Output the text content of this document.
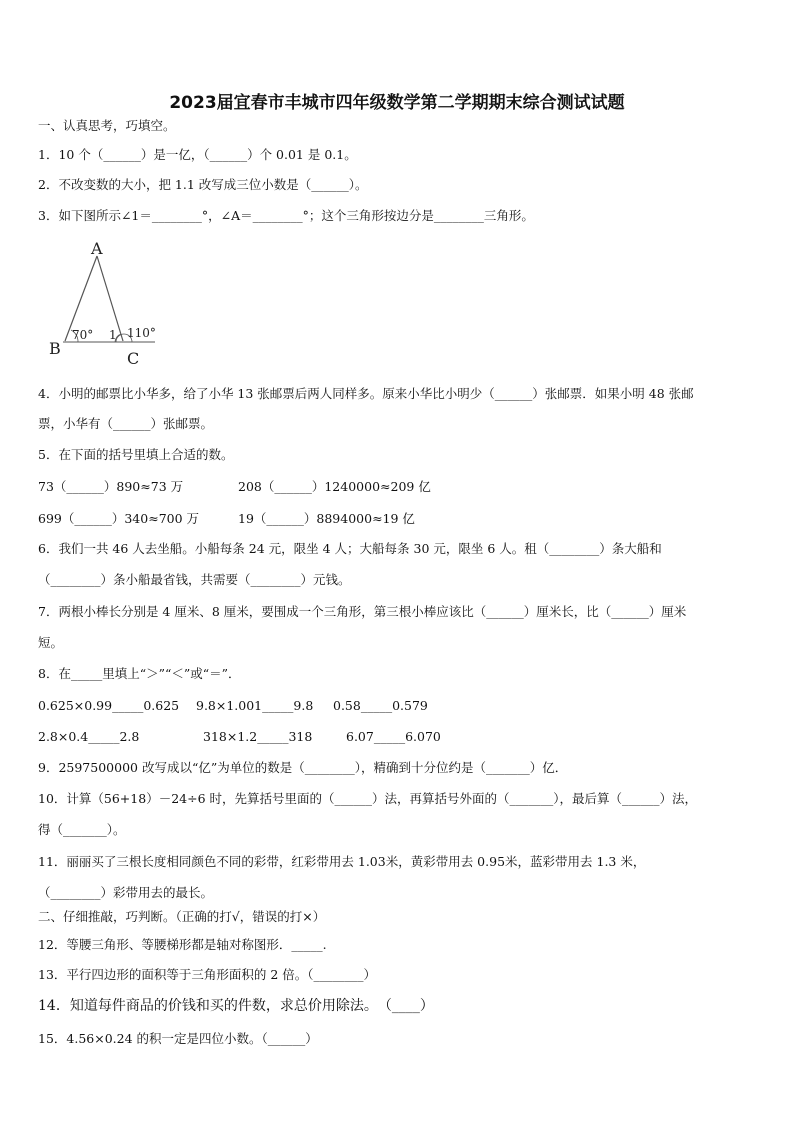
2023届宜春市丰城市四年级数学第二学期期末综合测试试题
一、认真思考，巧填空。
1．10 个（______）是一亿，（______）个 0.01 是 0.1。
2．不改变数的大小，把 1.1 改写成三位小数是（______）。
3．如下图所示∠1＝________°，∠A＝________°；这个三角形按边分是________三角形。
A
B
C
70° 1 110°
4．小明的邮票比小华多，给了小华 13 张邮票后两人同样多。原来小华比小明少（______）张邮票．如果小明 48 张邮
票，小华有（______）张邮票。
5．在下面的括号里填上合适的数。
73（______）890≈73 万	208（______）1240000≈209 亿
699（______）340≈700 万	19（______）8894000≈19 亿
6．我们一共 46 人去坐船。小船每条 24 元，限坐 4 人；大船每条 30 元，限坐 6 人。租（________）条大船和
（________）条小船最省钱，共需要（________）元钱。
7．两根小棒长分别是 4 厘米、8 厘米，要围成一个三角形，第三根小棒应该比（______）厘米长，比（______）厘米
短。
8．在_____里填上“＞”“＜”或“＝”．
0.625×0.99_____0.625 9.8×1.001_____9.8 0.58_____0.579
2.8×0.4_____2.8	318×1.2_____318	6.07_____6.070
9．2597500000 改写成以“亿”为单位的数是（________），精确到十分位约是（_______）亿．
10．计算（56+18）－24÷6 时，先算括号里面的（______）法，再算括号外面的（_______），最后算（______）法，
得（_______）。
11．丽丽买了三根长度相同颜色不同的彩带，红彩带用去 1.03米，黄彩带用去 0.95米，蓝彩带用去 1.3 米，
（________）彩带用去的最长。
二、仔细推敲，巧判断。（正确的打√，错误的打×）
12．等腰三角形、等腰梯形都是轴对称图形．_____.
13．平行四边形的面积等于三角形面积的 2 倍。（________）
14．知道每件商品的价钱和买的件数，求总价用除法。　（____）
15．4.56×0.24 的积一定是四位小数。（______）
